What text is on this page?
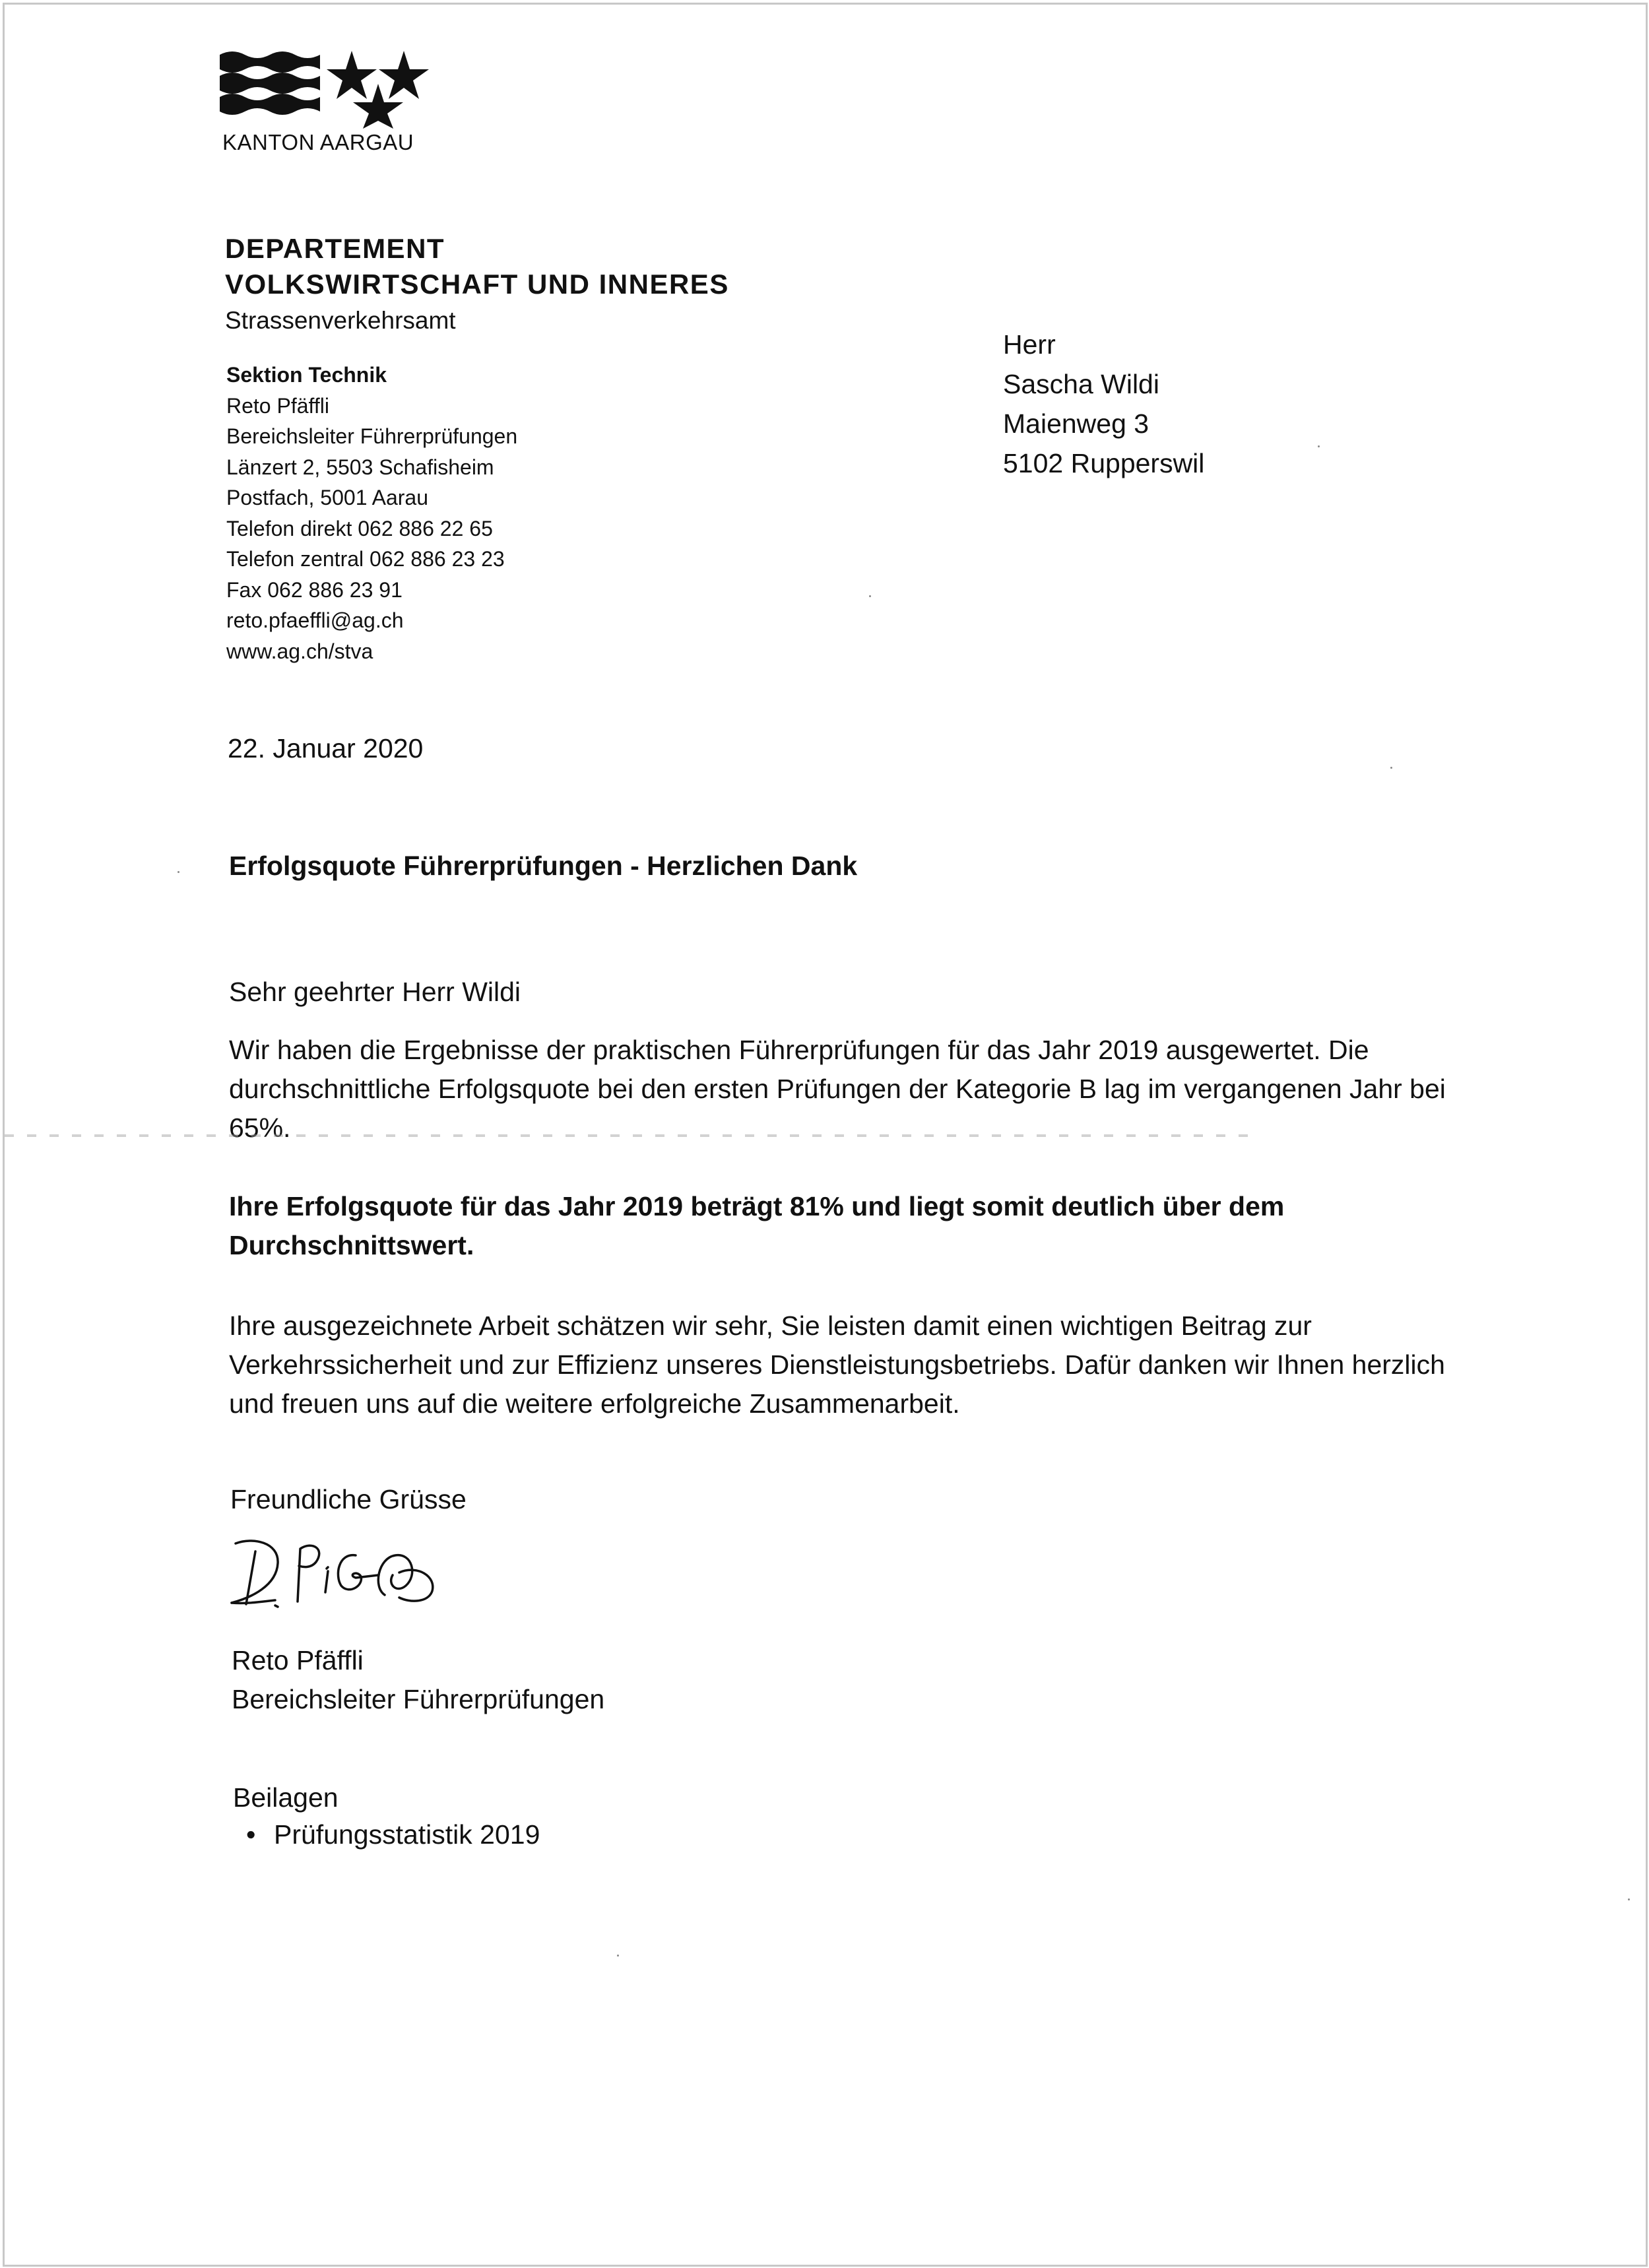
KANTON AARGAU
DEPARTEMENT
VOLKSWIRTSCHAFT UND INNERES
Strassenverkehrsamt
Sektion Technik
Reto Pfäffli
Bereichsleiter Führerprüfungen
Länzert 2, 5503 Schafisheim
Postfach, 5001 Aarau
Telefon direkt 062 886 22 65
Telefon zentral 062 886 23 23
Fax 062 886 23 91
reto.pfaeffli@ag.ch
www.ag.ch/stva
Herr
Sascha Wildi
Maienweg 3
5102 Rupperswil
22. Januar 2020
Erfolgsquote Führerprüfungen - Herzlichen Dank
Sehr geehrter Herr Wildi
Wir haben die Ergebnisse der praktischen Führerprüfungen für das Jahr 2019 ausgewertet. Die durchschnittliche Erfolgsquote bei den ersten Prüfungen der Kategorie B lag im vergangenen Jahr bei 65%.
Ihre Erfolgsquote für das Jahr 2019 beträgt 81% und liegt somit deutlich über dem Durchschnittswert.
Ihre ausgezeichnete Arbeit schätzen wir sehr, Sie leisten damit einen wichtigen Beitrag zur Verkehrssicherheit und zur Effizienz unseres Dienstleistungsbetriebs. Dafür danken wir Ihnen herzlich und freuen uns auf die weitere erfolgreiche Zusammenarbeit.
Freundliche Grüsse
Reto Pfäffli
Bereichsleiter Führerprüfungen
Beilagen
• Prüfungsstatistik 2019
